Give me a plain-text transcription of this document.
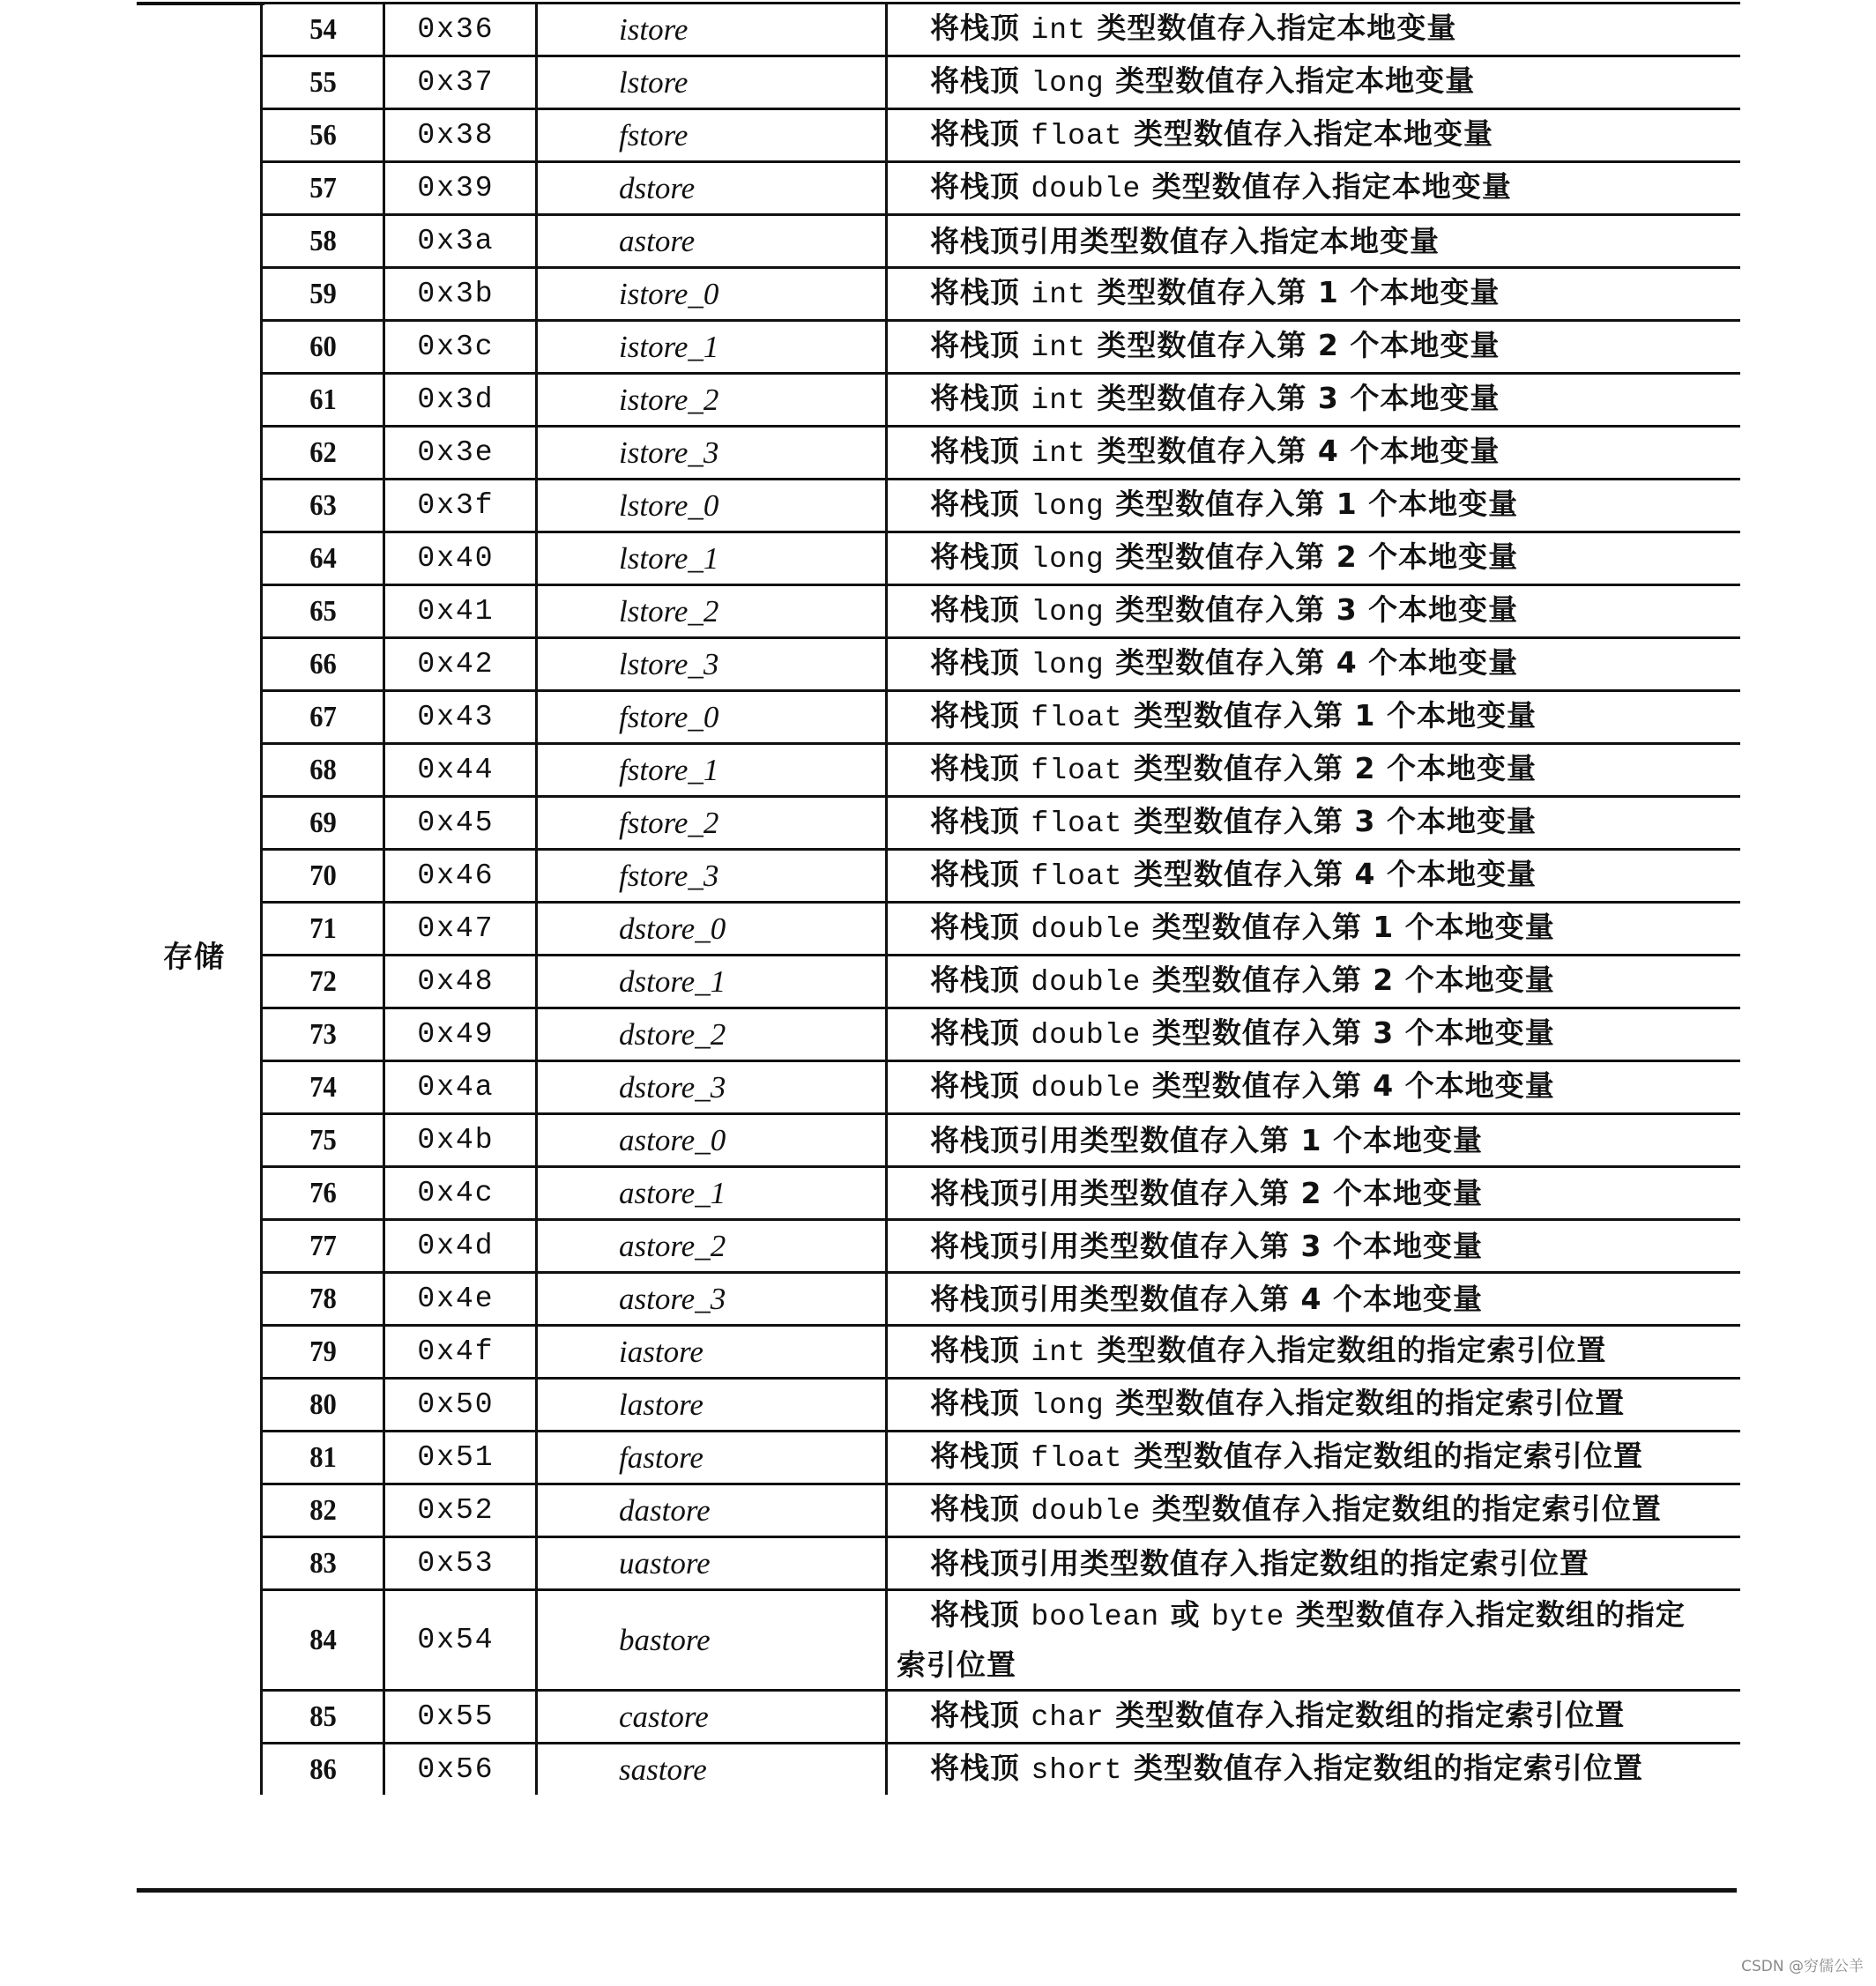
存储
54	0x36	istore	将栈顶 int 类型数值存入指定本地变量
55	0x37	lstore	将栈顶 long 类型数值存入指定本地变量
56	0x38	fstore	将栈顶 float 类型数值存入指定本地变量
57	0x39	dstore	将栈顶 double 类型数值存入指定本地变量
58	0x3a	astore	将栈顶引用类型数值存入指定本地变量
59	0x3b	istore_0	将栈顶 int 类型数值存入第 1 个本地变量
60	0x3c	istore_1	将栈顶 int 类型数值存入第 2 个本地变量
61	0x3d	istore_2	将栈顶 int 类型数值存入第 3 个本地变量
62	0x3e	istore_3	将栈顶 int 类型数值存入第 4 个本地变量
63	0x3f	lstore_0	将栈顶 long 类型数值存入第 1 个本地变量
64	0x40	lstore_1	将栈顶 long 类型数值存入第 2 个本地变量
65	0x41	lstore_2	将栈顶 long 类型数值存入第 3 个本地变量
66	0x42	lstore_3	将栈顶 long 类型数值存入第 4 个本地变量
67	0x43	fstore_0	将栈顶 float 类型数值存入第 1 个本地变量
68	0x44	fstore_1	将栈顶 float 类型数值存入第 2 个本地变量
69	0x45	fstore_2	将栈顶 float 类型数值存入第 3 个本地变量
70	0x46	fstore_3	将栈顶 float 类型数值存入第 4 个本地变量
71	0x47	dstore_0	将栈顶 double 类型数值存入第 1 个本地变量
72	0x48	dstore_1	将栈顶 double 类型数值存入第 2 个本地变量
73	0x49	dstore_2	将栈顶 double 类型数值存入第 3 个本地变量
74	0x4a	dstore_3	将栈顶 double 类型数值存入第 4 个本地变量
75	0x4b	astore_0	将栈顶引用类型数值存入第 1 个本地变量
76	0x4c	astore_1	将栈顶引用类型数值存入第 2 个本地变量
77	0x4d	astore_2	将栈顶引用类型数值存入第 3 个本地变量
78	0x4e	astore_3	将栈顶引用类型数值存入第 4 个本地变量
79	0x4f	iastore	将栈顶 int 类型数值存入指定数组的指定索引位置
80	0x50	lastore	将栈顶 long 类型数值存入指定数组的指定索引位置
81	0x51	fastore	将栈顶 float 类型数值存入指定数组的指定索引位置
82	0x52	dastore	将栈顶 double 类型数值存入指定数组的指定索引位置
83	0x53	uastore	将栈顶引用类型数值存入指定数组的指定索引位置
84	0x54	bastore	将栈顶 boolean 或 byte 类型数值存入指定数组的指定
索引位置

85	0x55	castore	将栈顶 char 类型数值存入指定数组的指定索引位置
86	0x56	sastore	将栈顶 short 类型数值存入指定数组的指定索引位置
CSDN @穷儒公羊
